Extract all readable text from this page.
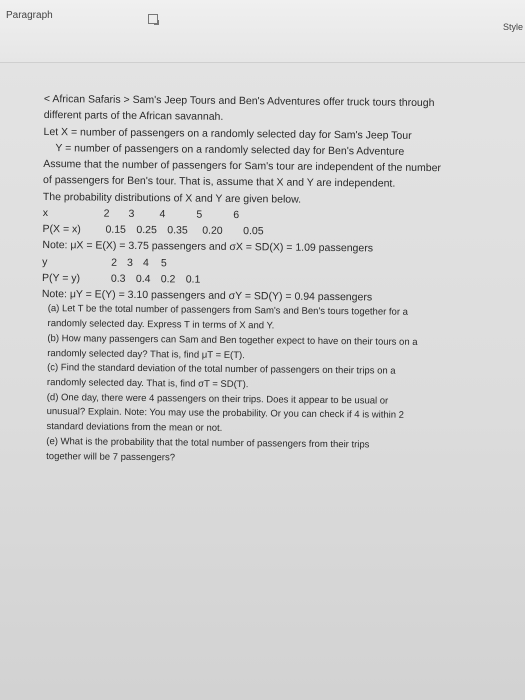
Paragraph
Style
< African Safaris > Sam's Jeep Tours and Ben's Adventures offer truck tours through
different parts of the African savannah.
Let X = number of passengers on a randomly selected day for Sam's Jeep Tour
Y = number of passengers on a randomly selected day for Ben's Adventure
Assume that the number of passengers for Sam's tour are independent of the number
of passengers for Ben's tour. That is, assume that X and Y are independent.
The probability distributions of X and Y are given below.
x	2 3 4	5	6
P(X = x) 0.15 0.25 0.35 0.20 0.05
Note: μX = E(X) = 3.75 passengers and σX = SD(X) = 1.09 passengers
y	2 3 4 5
P(Y = y)	0.3 0.4 0.2 0.1
Note: μY = E(Y) = 3.10 passengers and σY = SD(Y) = 0.94 passengers
(a) Let T be the total number of passengers from Sam's and Ben's tours together for a
randomly selected day. Express T in terms of X and Y.
(b) How many passengers can Sam and Ben together expect to have on their tours on a
randomly selected day? That is, find μT = E(T).
(c) Find the standard deviation of the total number of passengers on their trips on a
randomly selected day. That is, find σT = SD(T).
(d) One day, there were 4 passengers on their trips. Does it appear to be usual or
unusual? Explain. Note: You may use the probability. Or you can check if 4 is within 2
standard deviations from the mean or not.
(e) What is the probability that the total number of passengers from their trips
together will be 7 passengers?
